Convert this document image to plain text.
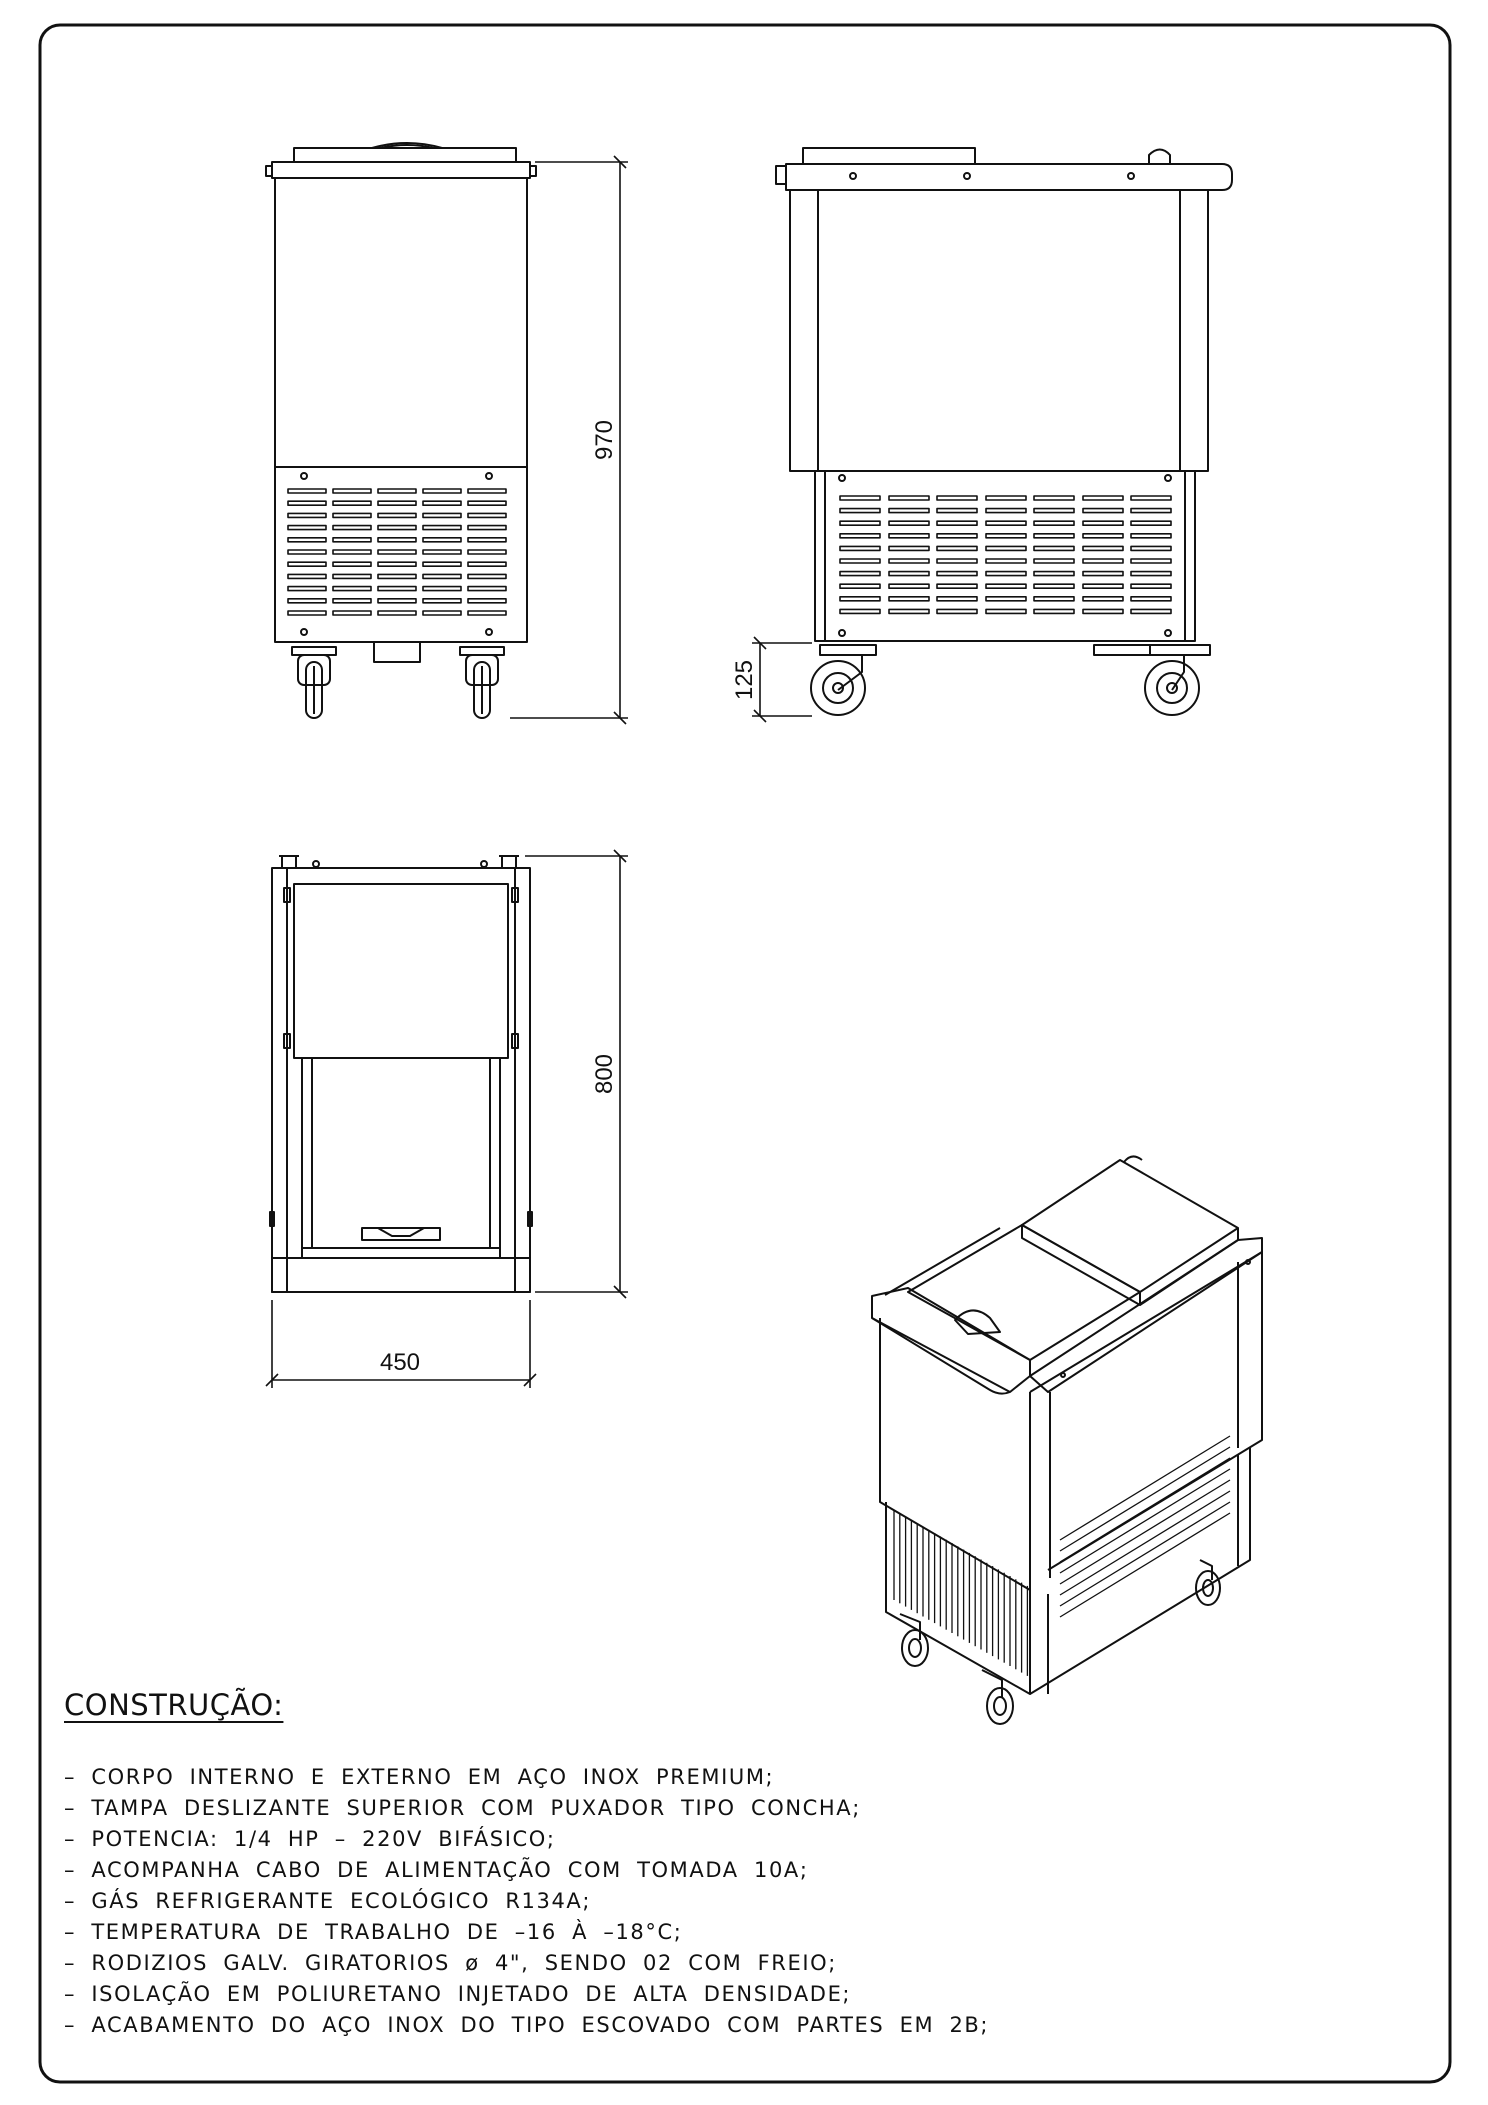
970
125
800
450
CONSTRUÇÃO:
– CORPO INTERNO E EXTERNO EM AÇO INOX PREMIUM;
– TAMPA DESLIZANTE SUPERIOR COM PUXADOR TIPO CONCHA;
– POTENCIA: 1/4 HP – 220V BIFÁSICO;
– ACOMPANHA CABO DE ALIMENTAÇÃO COM TOMADA 10A;
– GÁS REFRIGERANTE ECOLÓGICO R134A;
– TEMPERATURA DE TRABALHO DE –16 À –18°C;
– RODIZIOS GALV. GIRATORIOS ø 4", SENDO 02 COM FREIO;
– ISOLAÇÃO EM POLIURETANO INJETADO DE ALTA DENSIDADE;
– ACABAMENTO DO AÇO INOX DO TIPO ESCOVADO COM PARTES EM 2B;
